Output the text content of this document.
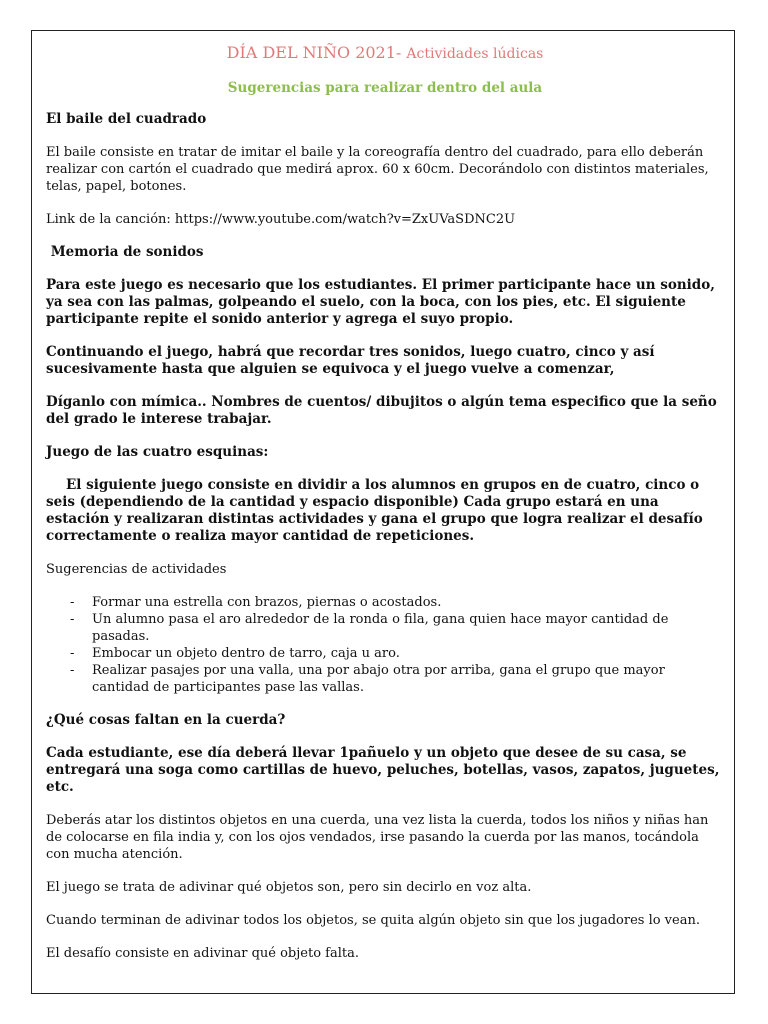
DÍA DEL NIÑO 2021- Actividades lúdicas

Sugerencias para realizar dentro del aula

El baile del cuadrado

El baile consiste en tratar de imitar el baile y la coreografía dentro del cuadrado, para ello deberán realizar con cartón el cuadrado que medirá aprox. 60 x 60cm. Decorándolo con distintos materiales, telas, papel, botones.

Link de la canción: https://www.youtube.com/watch?v=ZxUVaSDNC2U

Memoria de sonidos

Para este juego es necesario que los estudiantes. El primer participante hace un sonido, ya sea con las palmas, golpeando el suelo, con la boca, con los pies, etc. El siguiente participante repite el sonido anterior y agrega el suyo propio.

Continuando el juego, habrá que recordar tres sonidos, luego cuatro, cinco y así sucesivamente hasta que alguien se equivoca y el juego vuelve a comenzar,

Díganlo con mímica.. Nombres de cuentos/ dibujitos o algún tema especifico que la seño del grado le interese trabajar.

Juego de las cuatro esquinas:

El siguiente juego consiste en dividir a los alumnos en grupos en de cuatro, cinco o seis (dependiendo de la cantidad y espacio disponible) Cada grupo estará en una estación y realizaran distintas actividades y gana el grupo que logra realizar el desafío correctamente o realiza mayor cantidad de repeticiones.

Sugerencias de actividades

- Formar una estrella con brazos, piernas o acostados.
- Un alumno pasa el aro alrededor de la ronda o fila, gana quien hace mayor cantidad de pasadas.
- Embocar un objeto dentro de tarro, caja u aro.
- Realizar pasajes por una valla, una por abajo otra por arriba, gana el grupo que mayor cantidad de participantes pase las vallas.

¿Qué cosas faltan en la cuerda?

Cada estudiante, ese día deberá llevar 1pañuelo y un objeto que desee de su casa, se entregará una soga como cartillas de huevo, peluches, botellas, vasos, zapatos, juguetes, etc.

Deberás atar los distintos objetos en una cuerda, una vez lista la cuerda, todos los niños y niñas han de colocarse en fila india y, con los ojos vendados, irse pasando la cuerda por las manos, tocándola con mucha atención.

El juego se trata de adivinar qué objetos son, pero sin decirlo en voz alta.

Cuando terminan de adivinar todos los objetos, se quita algún objeto sin que los jugadores lo vean.

El desafío consiste en adivinar qué objeto falta.
